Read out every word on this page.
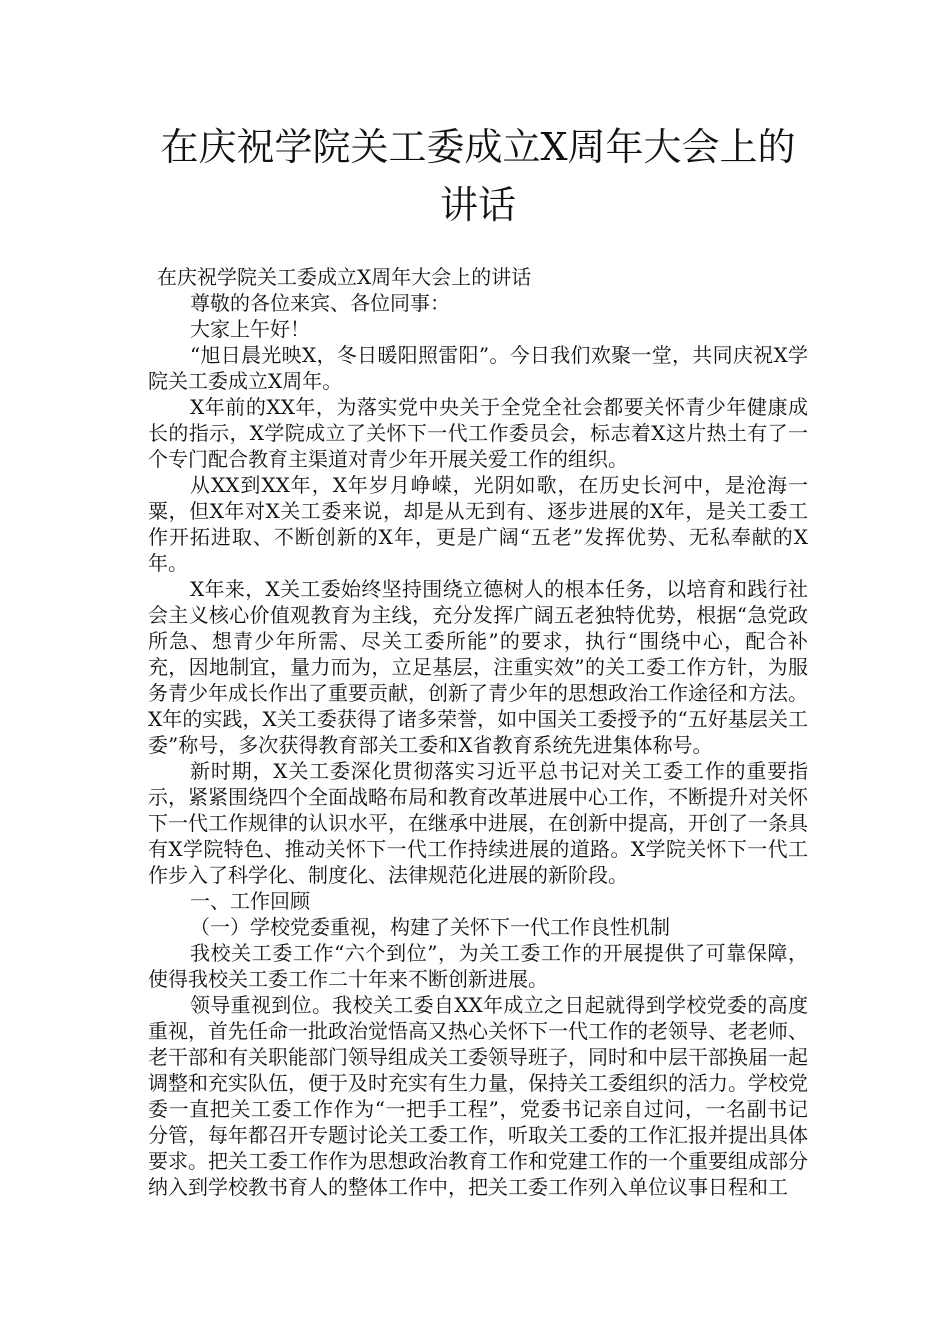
在庆祝学院关工委成立X周年大会上的讲话

在庆祝学院关工委成立X周年大会上的讲话

尊敬的各位来宾、各位同事：

大家上午好！

“旭日晨光映X，冬日暖阳照雷阳”。今日我们欢聚一堂，共同庆祝X学院关工委成立X周年。

X年前的XX年，为落实党中央关于全党全社会都要关怀青少年健康成长的指示，X学院成立了关怀下一代工作委员会，标志着X这片热土有了一个专门配合教育主渠道对青少年开展关爱工作的组织。

从XX到XX年，X年岁月峥嵘，光阴如歌，在历史长河中，是沧海一粟，但X年对X关工委来说，却是从无到有、逐步进展的X年，是关工委工作开拓进取、不断创新的X年，更是广阔“五老”发挥优势、无私奉献的X年。

X年来，X关工委始终坚持围绕立德树人的根本任务，以培育和践行社会主义核心价值观教育为主线，充分发挥广阔五老独特优势，根据“急党政所急、想青少年所需、尽关工委所能”的要求，执行“围绕中心，配合补充，因地制宜，量力而为，立足基层，注重实效”的关工委工作方针，为服务青少年成长作出了重要贡献，创新了青少年的思想政治工作途径和方法。X年的实践，X关工委获得了诸多荣誉，如中国关工委授予的“五好基层关工委”称号，多次获得教育部关工委和X省教育系统先进集体称号。

新时期，X关工委深化贯彻落实习近平总书记对关工委工作的重要指示，紧紧围绕四个全面战略布局和教育改革进展中心工作，不断提升对关怀下一代工作规律的认识水平，在继承中进展，在创新中提高，开创了一条具有X学院特色、推动关怀下一代工作持续进展的道路。X学院关怀下一代工作步入了科学化、制度化、法律规范化进展的新阶段。

一、工作回顾

（一）学校党委重视，构建了关怀下一代工作良性机制

我校关工委工作“六个到位”，为关工委工作的开展提供了可靠保障，使得我校关工委工作二十年来不断创新进展。

领导重视到位。我校关工委自XX年成立之日起就得到学校党委的高度重视，首先任命一批政治觉悟高又热心关怀下一代工作的老领导、老老师、老干部和有关职能部门领导组成关工委领导班子，同时和中层干部换届一起调整和充实队伍，便于及时充实有生力量，保持关工委组织的活力。学校党委一直把关工委工作作为“一把手工程”，党委书记亲自过问，一名副书记分管，每年都召开专题讨论关工委工作，听取关工委的工作汇报并提出具体要求。把关工委工作作为思想政治教育工作和党建工作的一个重要组成部分纳入到学校教书育人的整体工作中，把关工委工作列入单位议事日程和工
